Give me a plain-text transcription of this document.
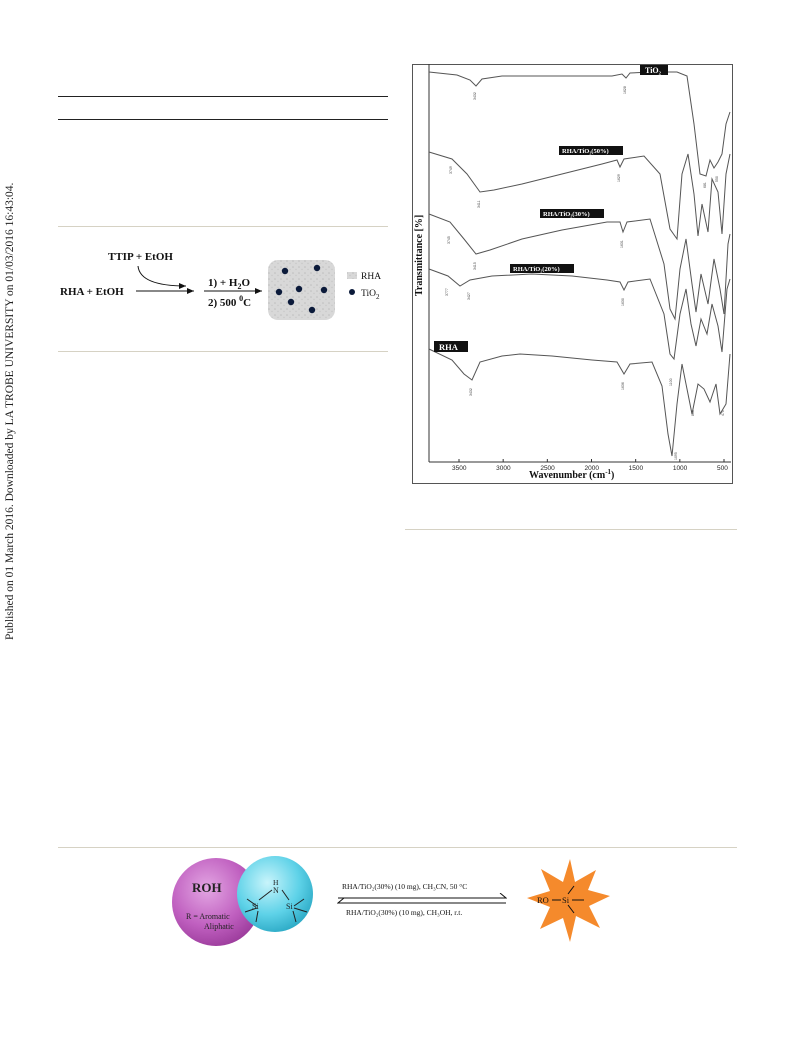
Published on 01 March 2016. Downloaded by LA TROBE UNIVERSITY on 01/03/2016 16:43:04.	TTIP + EtOH
RHA + EtOH
$1) + H_2O$
2) 500 $^0$C
RHA
TiO$_2$
3432
1628
681
550
3749
3411
1629
3745
3415
1631
3777
3427
1630
3432
1636	1100
1095
800	470
TiO₂
RHA/TiO₂(50%)
RHA/TiO₂(30%)
RHA/TiO₂(20%)
RHA
Transmittance [%]
3500	3000	2500	2000	1500	1000	500
Wavenumber $(cm^{-1})$
ROH
R = Aromatic
Aliphatic
H
N
Si	Si
RHA/TiO₂(30%) (10 mg), CH₃CN, 50 °C
RHA/TiO₂(30%) (10 mg), CH₃OH, r.t.
RO Si
